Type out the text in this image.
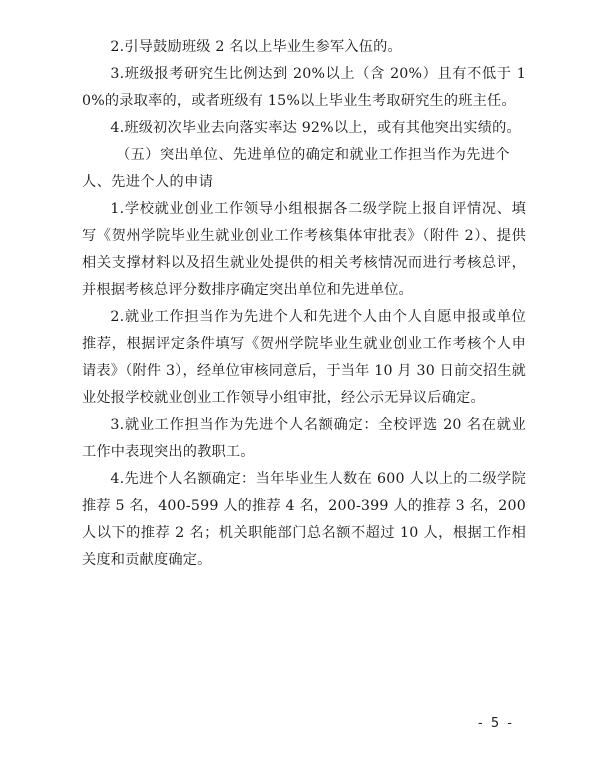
2.引导鼓励班级 2 名以上毕业生参军入伍的。

3.班级报考研究生比例达到 20%以上（含 20%）且有不低于 10%的录取率的，或者班级有 15%以上毕业生考取研究生的班主任。

4.班级初次毕业去向落实率达 92%以上，或有其他突出实绩的。

（五）突出单位、先进单位的确定和就业工作担当作为先进个人、先进个人的申请

1.学校就业创业工作领导小组根据各二级学院上报自评情况、填写《贺州学院毕业生就业创业工作考核集体审批表》（附件 2）、提供相关支撑材料以及招生就业处提供的相关考核情况而进行考核总评，并根据考核总评分数排序确定突出单位和先进单位。

2.就业工作担当作为先进个人和先进个人由个人自愿申报或单位推荐，根据评定条件填写《贺州学院毕业生就业创业工作考核个人申请表》（附件 3），经单位审核同意后，于当年 10 月 30 日前交招生就业处报学校就业创业工作领导小组审批，经公示无异议后确定。

3.就业工作担当作为先进个人名额确定：全校评选 20 名在就业工作中表现突出的教职工。

4.先进个人名额确定：当年毕业生人数在 600 人以上的二级学院推荐 5 名，400-599 人的推荐 4 名，200-399 人的推荐 3 名，200 人以下的推荐 2 名；机关职能部门总名额不超过 10 人，根据工作相关度和贡献度确定。

- 5 -
